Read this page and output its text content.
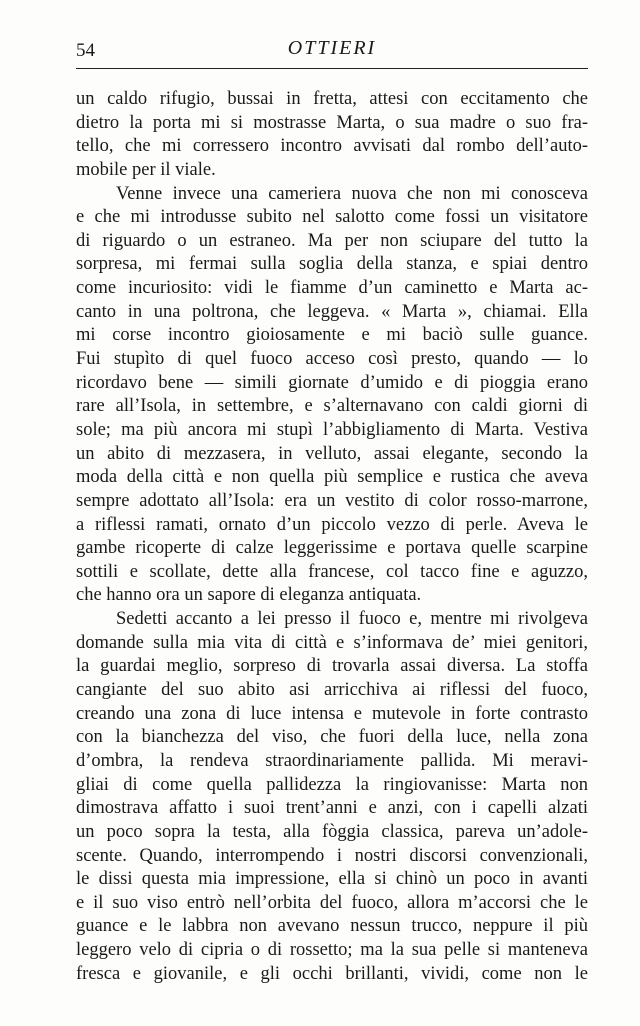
54	OTTIERI
un caldo rifugio, bussai in fretta, attesi con eccitamento che
dietro la porta mi si mostrasse Marta, o sua madre o suo fra-
tello, che mi corressero incontro avvisati dal rombo dell’auto-
mobile per il viale.
Venne invece una cameriera nuova che non mi conosceva
e che mi introdusse subito nel salotto come fossi un visitatore
di riguardo o un estraneo. Ma per non sciupare del tutto la
sorpresa, mi fermai sulla soglia della stanza, e spiai dentro
come incuriosito: vidi le fiamme d’un caminetto e Marta ac-
canto in una poltrona, che leggeva. « Marta », chiamai. Ella
mi corse incontro gioiosamente e mi baciò sulle guance.
Fui stupìto di quel fuoco acceso così presto, quando — lo
ricordavo bene — simili giornate d’umido e di pioggia erano
rare all’Isola, in settembre, e s’alternavano con caldi giorni di
sole; ma più ancora mi stupì l’abbigliamento di Marta. Vestiva
un abito di mezzasera, in velluto, assai elegante, secondo la
moda della città e non quella più semplice e rustica che aveva
sempre adottato all’Isola: era un vestito di color rosso-marrone,
a riflessi ramati, ornato d’un piccolo vezzo di perle. Aveva le
gambe ricoperte di calze leggerissime e portava quelle scarpine
sottili e scollate, dette alla francese, col tacco fine e aguzzo,
che hanno ora un sapore di eleganza antiquata.
Sedetti accanto a lei presso il fuoco e, mentre mi rivolgeva
domande sulla mia vita di città e s’informava de’ miei genitori,
la guardai meglio, sorpreso di trovarla assai diversa. La stoffa
cangiante del suo abito asi arricchiva ai riflessi del fuoco,
creando una zona di luce intensa e mutevole in forte contrasto
con la bianchezza del viso, che fuori della luce, nella zona
d’ombra, la rendeva straordinariamente pallida. Mi meravi-
gliai di come quella pallidezza la ringiovanisse: Marta non
dimostrava affatto i suoi trent’anni e anzi, con i capelli alzati
un poco sopra la testa, alla fòggia classica, pareva un’adole-
scente. Quando, interrompendo i nostri discorsi convenzionali,
le dissi questa mia impressione, ella si chinò un poco in avanti
e il suo viso entrò nell’orbita del fuoco, allora m’accorsi che le
guance e le labbra non avevano nessun trucco, neppure il più
leggero velo di cipria o di rossetto; ma la sua pelle si manteneva
fresca e giovanile, e gli occhi brillanti, vividi, come non le
